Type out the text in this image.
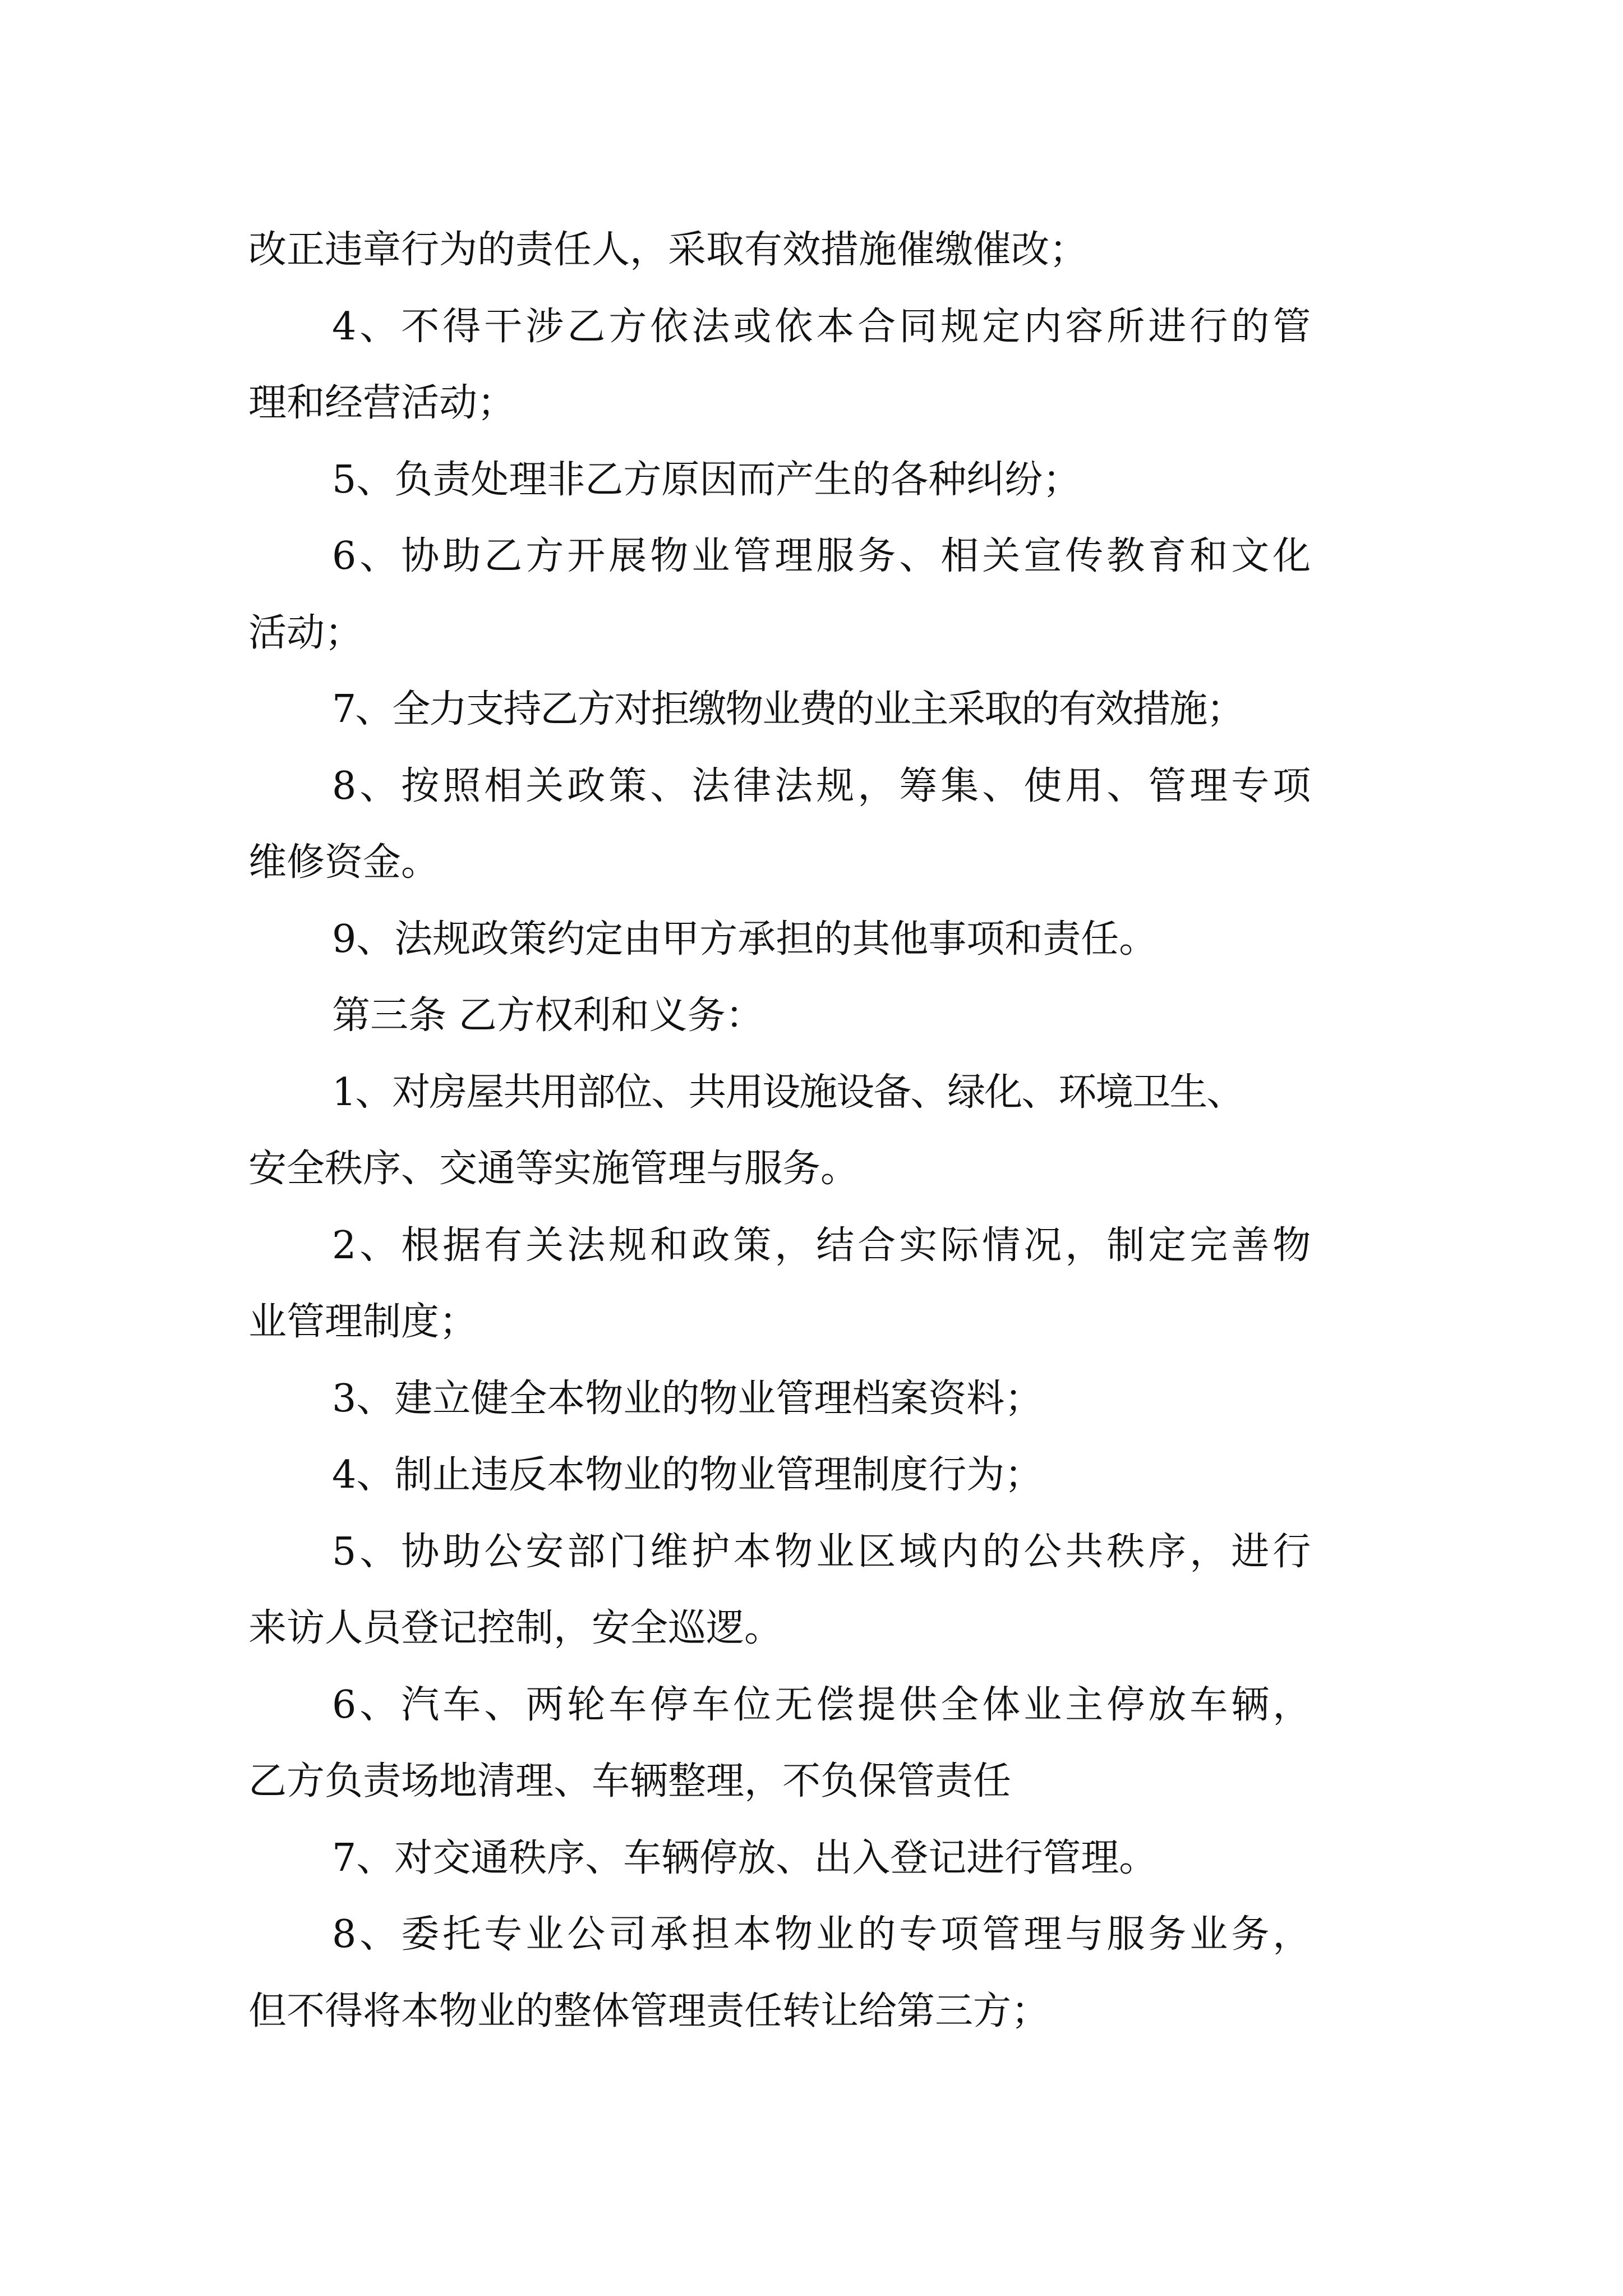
改正违章行为的责任人，采取有效措施催缴催改；
4、不得干涉乙方依法或依本合同规定内容所进行的管
理和经营活动；
5、负责处理非乙方原因而产生的各种纠纷；
6、协助乙方开展物业管理服务、相关宣传教育和文化
活动；
7、全力支持乙方对拒缴物业费的业主采取的有效措施；
8、按照相关政策、法律法规，筹集、使用、管理专项
维修资金。
9、法规政策约定由甲方承担的其他事项和责任。
第三条 乙方权利和义务：
1、对房屋共用部位、共用设施设备、绿化、环境卫生、
安全秩序、交通等实施管理与服务。
2、根据有关法规和政策，结合实际情况，制定完善物
业管理制度；
3、建立健全本物业的物业管理档案资料；
4、制止违反本物业的物业管理制度行为；
5、协助公安部门维护本物业区域内的公共秩序，进行
来访人员登记控制，安全巡逻。
6、汽车、两轮车停车位无偿提供全体业主停放车辆，
乙方负责场地清理、车辆整理，不负保管责任
7、对交通秩序、车辆停放、出入登记进行管理。
8、委托专业公司承担本物业的专项管理与服务业务，
但不得将本物业的整体管理责任转让给第三方；
